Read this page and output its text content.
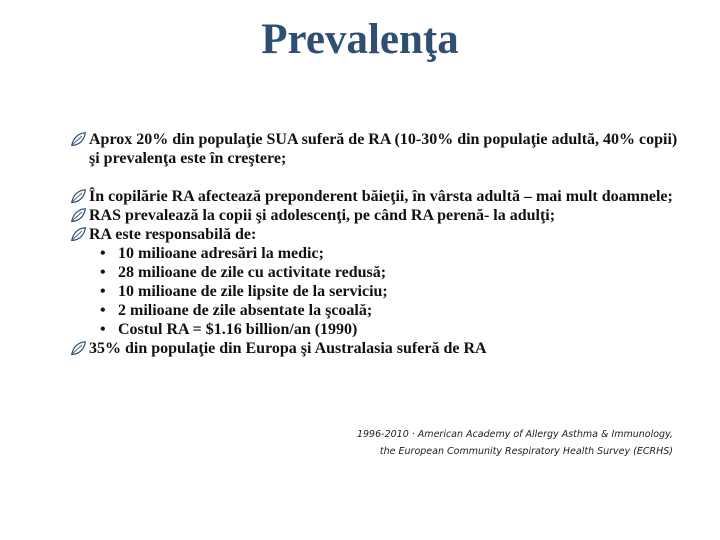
Prevalenţa

Aprox 20% din populaţie SUA suferă de RA (10-30% din populaţie adultă, 40% copii) şi prevalenţa este în creştere;

În copilărie RA afectează preponderent băieţii, în vârsta adultă – mai mult doamnele;

RAS prevalează la copii şi adolescenţi, pe când RA perenă- la adulţi;

RA este responsabilă de:

• 10 milioane adresări la medic;

• 28 milioane de zile cu activitate redusă;

• 10 milioane de zile lipsite de la serviciu;

• 2 milioane de zile absentate la şcoală;

• Costul RA = $1.16 billion/an (1990)

35% din populaţie din Europa şi Australasia suferă de RA

1996-2010 · American Academy of Allergy Asthma & Immunology,
the European Community Respiratory Health Survey (ECRHS)
